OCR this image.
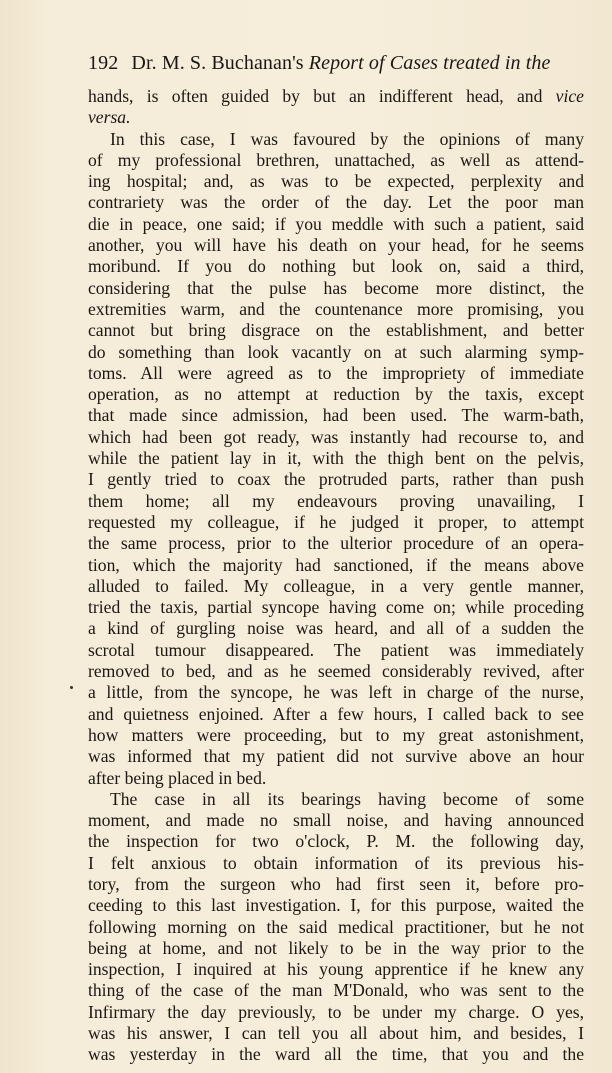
192 Dr. M. S. Buchanan's Report of Cases treated in the
hands, is often guided by but an indifferent head, and vice
versa.
In this case, I was favoured by the opinions of many
of my professional brethren, unattached, as well as attend-
ing hospital; and, as was to be expected, perplexity and
contrariety was the order of the day. Let the poor man
die in peace, one said; if you meddle with such a patient, said
another, you will have his death on your head, for he seems
moribund. If you do nothing but look on, said a third,
considering that the pulse has become more distinct, the
extremities warm, and the countenance more promising, you
cannot but bring disgrace on the establishment, and better
do something than look vacantly on at such alarming symp-
toms. All were agreed as to the impropriety of immediate
operation, as no attempt at reduction by the taxis, except
that made since admission, had been used. The warm-bath,
which had been got ready, was instantly had recourse to, and
while the patient lay in it, with the thigh bent on the pelvis,
I gently tried to coax the protruded parts, rather than push
them home; all my endeavours proving unavailing, I
requested my colleague, if he judged it proper, to attempt
the same process, prior to the ulterior procedure of an opera-
tion, which the majority had sanctioned, if the means above
alluded to failed. My colleague, in a very gentle manner,
tried the taxis, partial syncope having come on; while proceding
a kind of gurgling noise was heard, and all of a sudden the
scrotal tumour disappeared. The patient was immediately
removed to bed, and as he seemed considerably revived, after
a little, from the syncope, he was left in charge of the nurse,
and quietness enjoined. After a few hours, I called back to see
how matters were proceeding, but to my great astonishment,
was informed that my patient did not survive above an hour
after being placed in bed.
The case in all its bearings having become of some
moment, and made no small noise, and having announced
the inspection for two o'clock, P. M. the following day,
I felt anxious to obtain information of its previous his-
tory, from the surgeon who had first seen it, before pro-
ceeding to this last investigation. I, for this purpose, waited the
following morning on the said medical practitioner, but he not
being at home, and not likely to be in the way prior to the
inspection, I inquired at his young apprentice if he knew any
thing of the case of the man M'Donald, who was sent to the
Infirmary the day previously, to be under my charge. O yes,
was his answer, I can tell you all about him, and besides, I
was yesterday in the ward all the time, that you and the
